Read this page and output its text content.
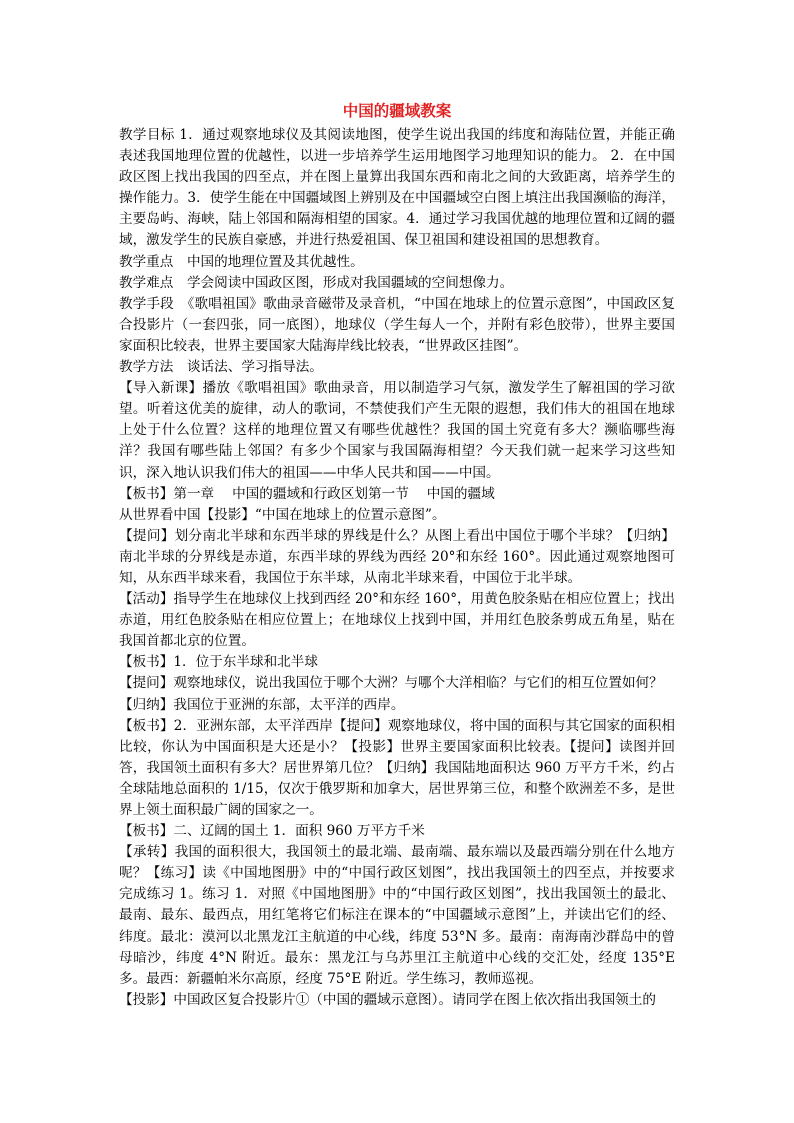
中国的疆域教案

教学目标 1．通过观察地球仪及其阅读地图，使学生说出我国的纬度和海陆位置，并能正确表述我国地理位置的优越性，以进一步培养学生运用地图学习地理知识的能力。 2．在中国政区图上找出我国的四至点，并在图上量算出我国东西和南北之间的大致距离，培养学生的操作能力。3．使学生能在中国疆域图上辨别及在中国疆域空白图上填注出我国濒临的海洋，主要岛屿、海峡，陆上邻国和隔海相望的国家。4．通过学习我国优越的地理位置和辽阔的疆域，激发学生的民族自豪感，并进行热爱祖国、保卫祖国和建设祖国的思想教育。

教学重点　中国的地理位置及其优越性。

教学难点　学会阅读中国政区图，形成对我国疆域的空间想像力。

教学手段　《歌唱祖国》歌曲录音磁带及录音机，“中国在地球上的位置示意图”，中国政区复合投影片（一套四张，同一底图），地球仪（学生每人一个，并附有彩色胶带），世界主要国家面积比较表，世界主要国家大陆海岸线比较表，“世界政区挂图”。

教学方法　谈话法、学习指导法。

【导入新课】播放《歌唱祖国》歌曲录音，用以制造学习气氛，激发学生了解祖国的学习欲望。听着这优美的旋律，动人的歌词，不禁使我们产生无限的遐想，我们伟大的祖国在地球上处于什么位置？这样的地理位置又有哪些优越性？我国的国土究竟有多大？濒临哪些海洋？我国有哪些陆上邻国？有多少个国家与我国隔海相望？今天我们就一起来学习这些知识，深入地认识我们伟大的祖国——中华人民共和国——中国。

【板书】第一章　 中国的疆域和行政区划第一节　 中国的疆域

从世界看中国【投影】“中国在地球上的位置示意图”。

【提问】划分南北半球和东西半球的界线是什么？从图上看出中国位于哪个半球？【归纳】南北半球的分界线是赤道，东西半球的界线为西经 20°和东经 160°。因此通过观察地图可知，从东西半球来看，我国位于东半球，从南北半球来看，中国位于北半球。

【活动】指导学生在地球仪上找到西经 20°和东经 160°，用黄色胶条贴在相应位置上；找出赤道，用红色胶条贴在相应位置上；在地球仪上找到中国，并用红色胶条剪成五角星，贴在我国首都北京的位置。

【板书】1．位于东半球和北半球

【提问】观察地球仪，说出我国位于哪个大洲？与哪个大洋相临？与它们的相互位置如何？

【归纳】我国位于亚洲的东部，太平洋的西岸。

【板书】2．亚洲东部，太平洋西岸【提问】观察地球仪，将中国的面积与其它国家的面积相比较，你认为中国面积是大还是小？【投影】世界主要国家面积比较表。【提问】读图并回答，我国领土面积有多大？居世界第几位？【归纳】我国陆地面积达 960 万平方千米，约占全球陆地总面积的 1/15，仅次于俄罗斯和加拿大，居世界第三位，和整个欧洲差不多，是世界上领土面积最广阔的国家之一。

【板书】二、辽阔的国土 1．面积 960 万平方千米

【承转】我国的面积很大，我国领土的最北端、最南端、最东端以及最西端分别在什么地方呢？【练习】读《中国地图册》中的“中国行政区划图”，找出我国领土的四至点，并按要求完成练习 1。练习 1．对照《中国地图册》中的“中国行政区划图”，找出我国领土的最北、最南、最东、最西点，用红笔将它们标注在课本的“中国疆域示意图”上，并读出它们的经、纬度。最北：漠河以北黑龙江主航道的中心线，纬度 53°N 多。最南：南海南沙群岛中的曾母暗沙，纬度 4°N 附近。最东：黑龙江与乌苏里江主航道中心线的交汇处，经度 135°E 多。最西：新疆帕米尔高原，经度 75°E 附近。学生练习，教师巡视。

【投影】中国政区复合投影片①（中国的疆域示意图）。请同学在图上依次指出我国领土的
